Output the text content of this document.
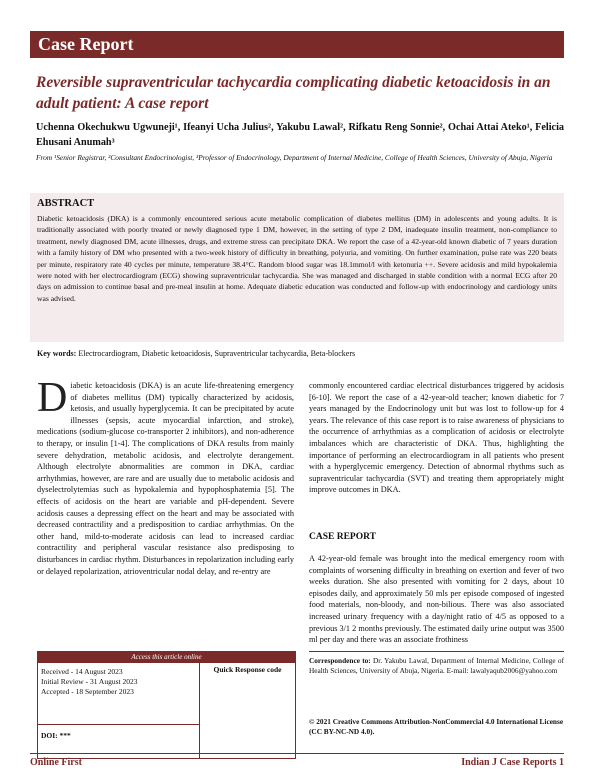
Case Report
Reversible supraventricular tachycardia complicating diabetic ketoacidosis in an adult patient: A case report
Uchenna Okechukwu Ugwuneji¹, Ifeanyi Ucha Julius², Yakubu Lawal², Rifkatu Reng Sonnie², Ochai Attai Ateko¹, Felicia Ehusani Anumah³
From ¹Senior Registrar, ²Consultant Endocrinologist, ³Professor of Endocrinology, Department of Internal Medicine, College of Health Sciences, University of Abuja, Nigeria
ABSTRACT
Diabetic ketoacidosis (DKA) is a commonly encountered serious acute metabolic complication of diabetes mellitus (DM) in adolescents and young adults. It is traditionally associated with poorly treated or newly diagnosed type 1 DM, however, in the setting of type 2 DM, inadequate insulin treatment, non-compliance to treatment, newly diagnosed DM, acute illnesses, drugs, and extreme stress can precipitate DKA. We report the case of a 42-year-old known diabetic of 7 years duration with a family history of DM who presented with a two-week history of difficulty in breathing, polyuria, and vomiting. On further examination, pulse rate was 220 beats per minute, respiratory rate 40 cycles per minute, temperature 38.4°C. Random blood sugar was 18.1mmol/l with ketonuria ++. Severe acidosis and mild hypokalemia were noted with her electrocardiogram (ECG) showing supraventricular tachycardia. She was managed and discharged in stable condition with a normal ECG after 20 days on admission to continue basal and pre-meal insulin at home. Adequate diabetic education was conducted and follow-up with endocrinology and cardiology units was advised.
Key words: Electrocardiogram, Diabetic ketoacidosis, Supraventricular tachycardia, Beta-blockers
Diabetic ketoacidosis (DKA) is an acute life-threatening emergency of diabetes mellitus (DM) typically characterized by acidosis, ketosis, and usually hyperglycemia. It can be precipitated by acute illnesses (sepsis, acute myocardial infarction, and stroke), medications (sodium-glucose co-transporter 2 inhibitors), and non-adherence to therapy, or insulin [1-4]. The complications of DKA results from mainly severe dehydration, metabolic acidosis, and electrolyte derangement. Although electrolyte abnormalities are common in DKA, cardiac arrhythmias, however, are rare and are usually due to metabolic acidosis and dyselectrolytemias such as hypokalemia and hypophosphatemia [5]. The effects of acidosis on the heart are variable and pH-dependent. Severe acidosis causes a depressing effect on the heart and may be associated with decreased contractility and a predisposition to cardiac arrhythmias. On the other hand, mild-to-moderate acidosis can lead to increased cardiac contractility and peripheral vascular resistance also predisposing to disturbances in cardiac rhythm. Disturbances in repolarization including early or delayed repolarization, atrioventricular nodal delay, and re-entry are
commonly encountered cardiac electrical disturbances triggered by acidosis [6-10]. We report the case of a 42-year-old teacher; known diabetic for 7 years managed by the Endocrinology unit but was lost to follow-up for 4 years. The relevance of this case report is to raise awareness of physicians to the occurrence of arrhythmias as a complication of acidosis or electrolyte imbalances which are characteristic of DKA. Thus, highlighting the importance of performing an electrocardiogram in all patients who present with a hyperglycemic emergency. Detection of abnormal rhythms such as supraventricular tachycardia (SVT) and treating them appropriately might improve outcomes in DKA.
CASE REPORT
A 42-year-old female was brought into the medical emergency room with complaints of worsening difficulty in breathing on exertion and fever of two weeks duration. She also presented with vomiting for 2 days, about 10 episodes daily, and approximately 50 mls per episode composed of ingested food materials, non-bloody, and non-bilious. There was also associated increased urinary frequency with a day/night ratio of 4/5 as opposed to a previous 3/1 2 months previously. The estimated daily urine output was 3500 ml per day and there was an associate frothiness
Access this article online
Received - 14 August 2023
Initial Review - 31 August 2023
Accepted - 18 September 2023
Quick Response code
DOI: ***
Correspondence to: Dr. Yakubu Lawal, Department of Internal Medicine, College of Health Sciences, University of Abuja, Nigeria. E-mail: lawalyaqub2006@yahoo.com
© 2021 Creative Commons Attribution-NonCommercial 4.0 International License (CC BY-NC-ND 4.0).
Online First	Indian J Case Reports 1
